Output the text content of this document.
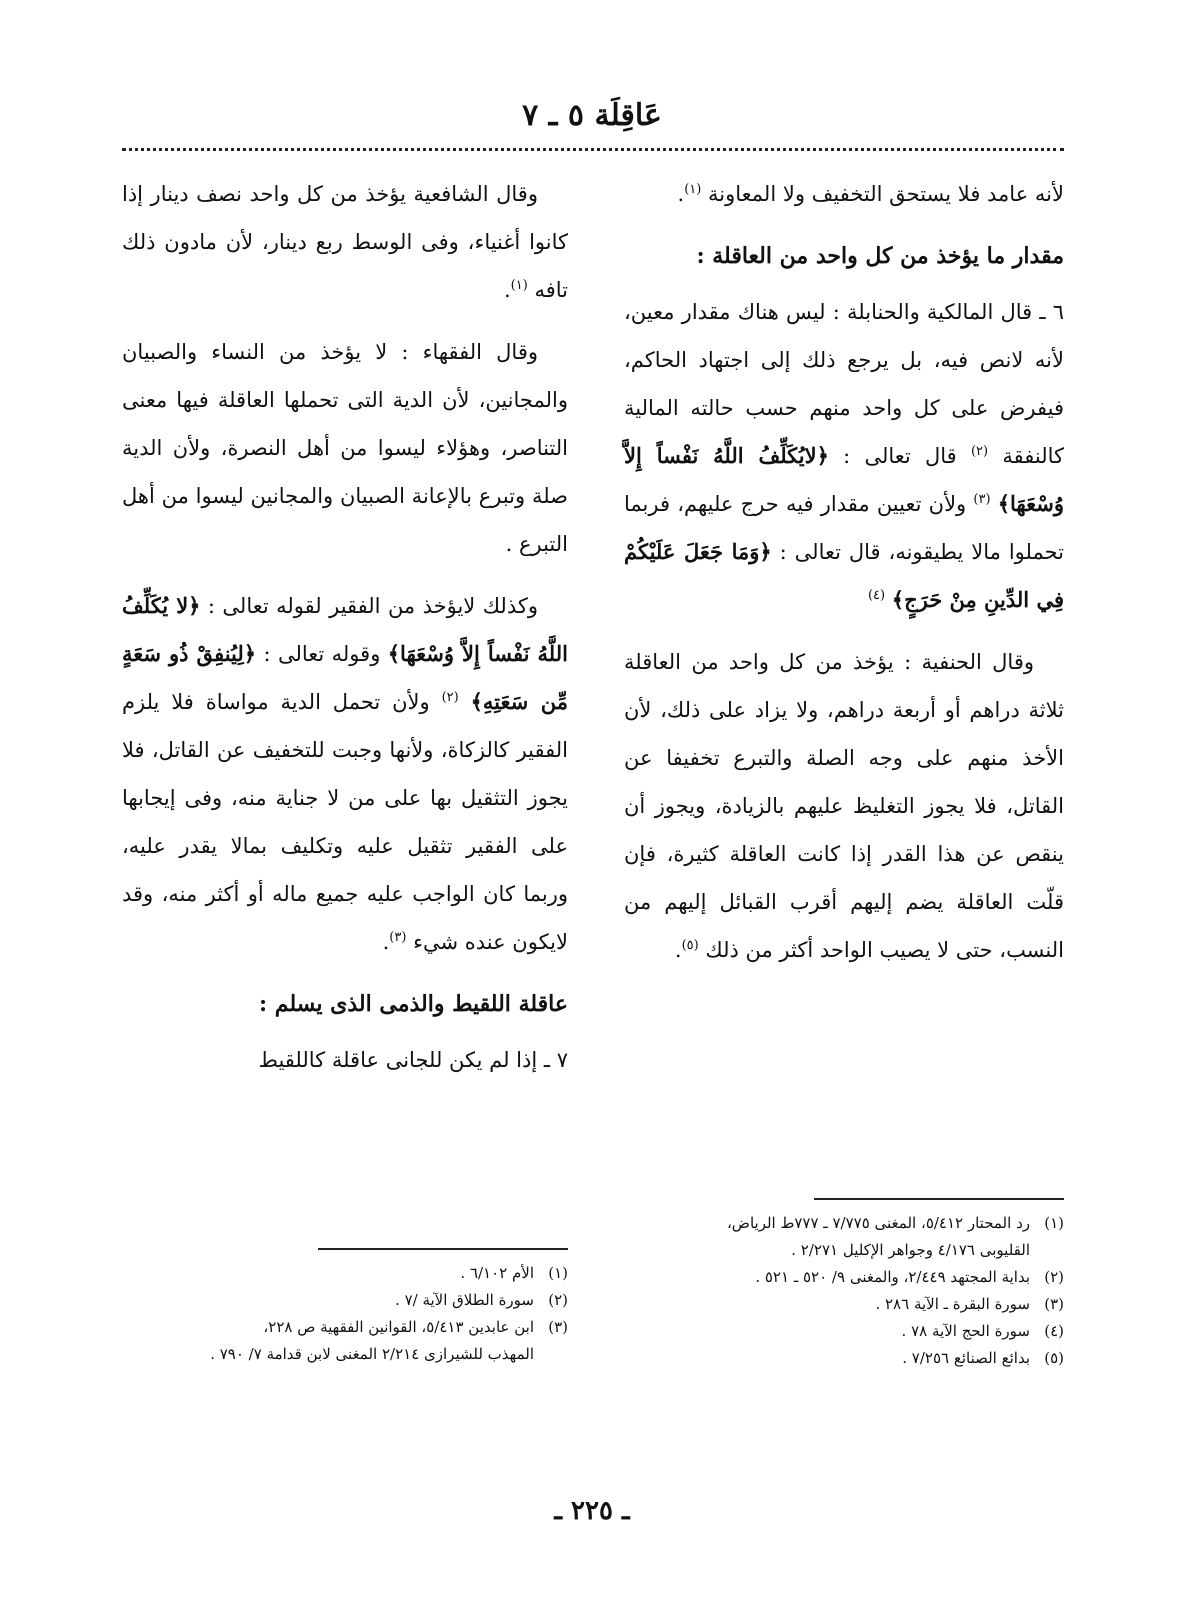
عَاقِلَة ٥ ـ ٧

لأنه عامد فلا يستحق التخفيف ولا المعاونة $^{(١)}$.

مقدار ما يؤخذ من كل واحد من العاقلة :

٦ ـ قال المالكية والحنابلة : ليس هناك مقدار معين، لأنه لانص فيه، بل يرجع ذلك إلى اجتهاد الحاكم، فيفرض على كل واحد منهم حسب حالته المالية كالنفقة $^{(٢)}$ قال تعالى : ﴿لايُكَلِّفُ اللَّهُ نَفْساً إِلاَّ وُسْعَهَا﴾ $^{(٣)}$ ولأن تعيين مقدار فيه حرج عليهم، فربما تحملوا مالا يطيقونه، قال تعالى : ﴿وَمَا جَعَلَ عَلَيْكُمْ فِي الدِّينِ مِنْ حَرَجٍ﴾ $^{(٤)}$

وقال الحنفية : يؤخذ من كل واحد من العاقلة ثلاثة دراهم أو أربعة دراهم، ولا يزاد على ذلك، لأن الأخذ منهم على وجه الصلة والتبرع تخفيفا عن القاتل، فلا يجوز التغليظ عليهم بالزيادة، ويجوز أن ينقص عن هذا القدر إذا كانت العاقلة كثيرة، فإن قلّت العاقلة يضم إليهم أقرب القبائل إليهم من النسب، حتى لا يصيب الواحد أكثر من ذلك $^{(٥)}$.

وقال الشافعية يؤخذ من كل واحد نصف دينار إذا كانوا أغنياء، وفى الوسط ربع دينار، لأن مادون ذلك تافه $^{(١)}$.

وقال الفقهاء : لا يؤخذ من النساء والصبيان والمجانين، لأن الدية التى تحملها العاقلة فيها معنى التناصر، وهؤلاء ليسوا من أهل النصرة، ولأن الدية صلة وتبرع بالإعانة الصبيان والمجانين ليسوا من أهل التبرع .

وكذلك لايؤخذ من الفقير لقوله تعالى : ﴿لا يُكَلِّفُ اللَّهُ نَفْساً إِلاَّ وُسْعَهَا﴾ وقوله تعالى : ﴿لِيُنفِقْ ذُو سَعَةٍ مِّن سَعَتِهِ﴾ $^{(٢)}$ ولأن تحمل الدية مواساة فلا يلزم الفقير كالزكاة، ولأنها وجبت للتخفيف عن القاتل، فلا يجوز التثقيل بها على من لا جناية منه، وفى إيجابها على الفقير تثقيل عليه وتكليف بمالا يقدر عليه، وربما كان الواجب عليه جميع ماله أو أكثر منه، وقد لايكون عنده شيء $^{(٣)}$.

عاقلة اللقيط والذمى الذى يسلم :

٧ ـ إذا لم يكن للجانى عاقلة كاللقيط

(١)رد المحتار ٥/٤١٢، المغنى ٧/٧٧٥ ـ ٧٧٧ط الرياض،
القليوبى ٤/١٧٦ وجواهر الإكليل ٢/٢٧١ .
(٢)بداية المجتهد ٢/٤٤٩، والمغنى ٩/ ٥٢٠ ـ ٥٢١ .
(٣)سورة البقرة ـ الآية ٢٨٦ .
(٤)سورة الحج الآية ٧٨ .
(٥)بدائع الصنائع ٧/٢٥٦ .
(١)الأم ٦/١٠٢ .
(٢)سورة الطلاق الآية /٧ .
(٣)ابن عابدين ٥/٤١٣، القوانين الفقهية ص ٢٢٨،
المهذب للشيرازى ٢/٢١٤ المغنى لابن قدامة ٧/ ٧٩٠ .
ـ ٢٢٥ ـ
